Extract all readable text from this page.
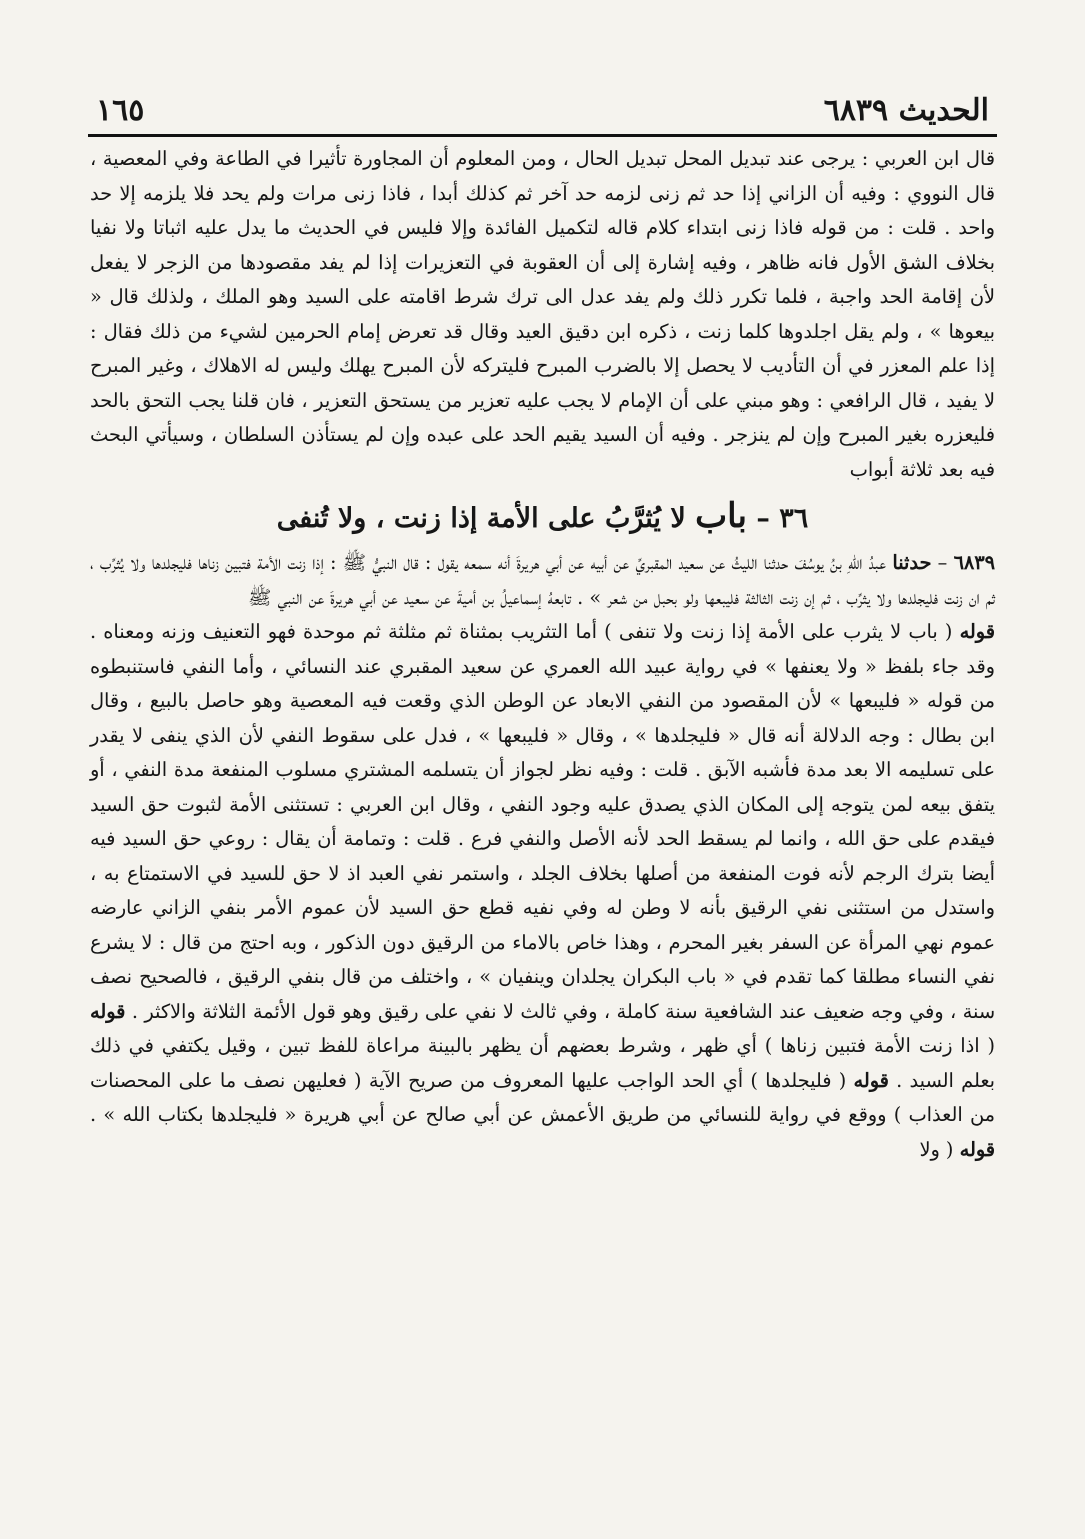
الحديث ٦٨٣٩
١٦٥

قال ابن العربي : يرجى عند تبديل المحل تبديل الحال ، ومن المعلوم أن المجاورة تأثيرا في الطاعة وفي المعصية ، قال النووي : وفيه أن الزاني إذا حد ثم زنى لزمه حد آخر ثم كذلك أبدا ، فاذا زنى مرات ولم يحد فلا يلزمه إلا حد واحد . قلت : من قوله فاذا زنى ابتداء كلام قاله لتكميل الفائدة وإلا فليس في الحديث ما يدل عليه اثباتا ولا نفيا بخلاف الشق الأول فانه ظاهر ، وفيه إشارة إلى أن العقوبة في التعزيرات إذا لم يفد مقصودها من الزجر لا يفعل لأن إقامة الحد واجبة ، فلما تكرر ذلك ولم يفد عدل الى ترك شرط اقامته على السيد وهو الملك ، ولذلك قال « بيعوها » ، ولم يقل اجلدوها كلما زنت ، ذكره ابن دقيق العيد وقال قد تعرض إمام الحرمين لشيء من ذلك فقال : إذا علم المعزر في أن التأديب لا يحصل إلا بالضرب المبرح فليتركه لأن المبرح يهلك وليس له الاهلاك ، وغير المبرح لا يفيد ، قال الرافعي : وهو مبني على أن الإمام لا يجب عليه تعزير من يستحق التعزير ، فان قلنا يجب التحق بالحد فليعزره بغير المبرح وإن لم ينزجر . وفيه أن السيد يقيم الحد على عبده وإن لم يستأذن السلطان ، وسيأتي البحث فيه بعد ثلاثة أبواب

٣٦ – باب لا يُثرَّبُ على الأمة إذا زنت ، ولا تُنفى

٦٨٣٩ – حدثنا عبدُ اللهِ بنُ يوسُفَ حدثنا الليثُ عن سعيد المقبريِّ عن أبيه عن أبي هريرةَ أنه سمعه يقول : قال النبيُّ ﷺ : إذا زنت الأمة فتبين زناها فليجلدها ولا يُثرِّب ، ثم ان زنت فليجلدها ولا يثرِّب ، ثم إن زنت الثالثة فليبعها ولو بحبل من شعر » . تابعهُ إسماعيلُ بن أميةَ عن سعيد عن أبي هريرةَ عن النبي ﷺ

قوله ( باب لا يثرب على الأمة إذا زنت ولا تنفى ) أما التثريب بمثناة ثم مثلثة ثم موحدة فهو التعنيف وزنه ومعناه . وقد جاء بلفظ « ولا يعنفها » في رواية عبيد الله العمري عن سعيد المقبري عند النسائي ، وأما النفي فاستنبطوه من قوله « فليبعها » لأن المقصود من النفي الابعاد عن الوطن الذي وقعت فيه المعصية وهو حاصل بالبيع ، وقال ابن بطال : وجه الدلالة أنه قال « فليجلدها » ، وقال « فليبعها » ، فدل على سقوط النفي لأن الذي ينفى لا يقدر على تسليمه الا بعد مدة فأشبه الآبق . قلت : وفيه نظر لجواز أن يتسلمه المشتري مسلوب المنفعة مدة النفي ، أو يتفق بيعه لمن يتوجه إلى المكان الذي يصدق عليه وجود النفي ، وقال ابن العربي : تستثنى الأمة لثبوت حق السيد فيقدم على حق الله ، وانما لم يسقط الحد لأنه الأصل والنفي فرع . قلت : وتمامة أن يقال : روعي حق السيد فيه أيضا بترك الرجم لأنه فوت المنفعة من أصلها بخلاف الجلد ، واستمر نفي العبد اذ لا حق للسيد في الاستمتاع به ، واستدل من استثنى نفي الرقيق بأنه لا وطن له وفي نفيه قطع حق السيد لأن عموم الأمر بنفي الزاني عارضه عموم نهي المرأة عن السفر بغير المحرم ، وهذا خاص بالاماء من الرقيق دون الذكور ، وبه احتج من قال : لا يشرع نفي النساء مطلقا كما تقدم في « باب البكران يجلدان وينفيان » ، واختلف من قال بنفي الرقيق ، فالصحيح نصف سنة ، وفي وجه ضعيف عند الشافعية سنة كاملة ، وفي ثالث لا نفي على رقيق وهو قول الأئمة الثلاثة والاكثر . قوله ( اذا زنت الأمة فتبين زناها ) أي ظهر ، وشرط بعضهم أن يظهر بالبينة مراعاة للفظ تبين ، وقيل يكتفي في ذلك بعلم السيد . قوله ( فليجلدها ) أي الحد الواجب عليها المعروف من صريح الآية ( فعليهن نصف ما على المحصنات من العذاب ) ووقع في رواية للنسائي من طريق الأعمش عن أبي صالح عن أبي هريرة « فليجلدها بكتاب الله » . قوله ( ولا
